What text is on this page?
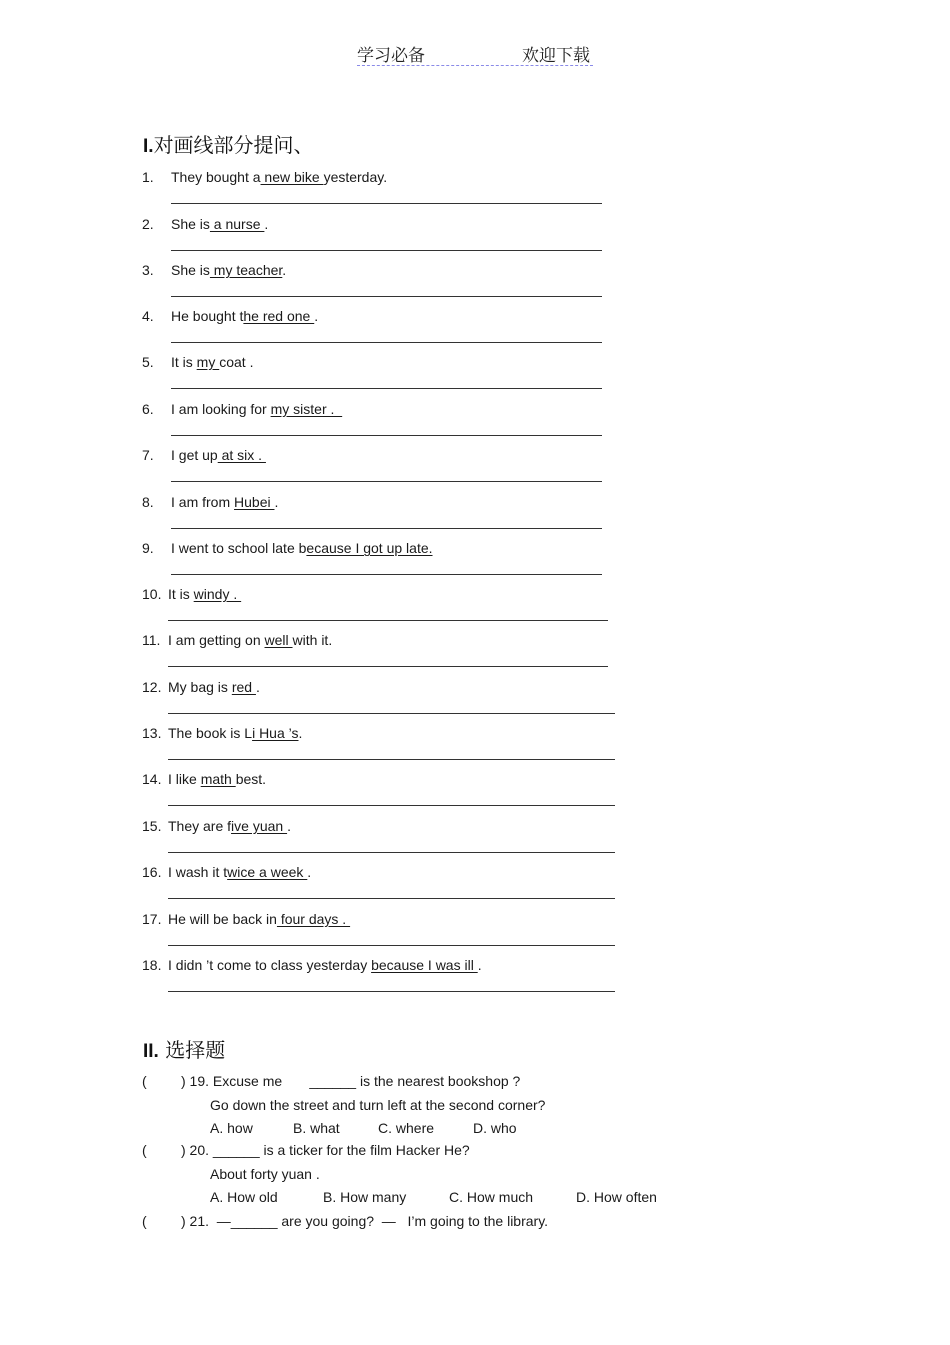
学习必备	欢迎下载
I.对画线部分提问、
1. They bought a new bike yesterday.
2. She is a nurse .
3. She is my teacher.
4. He bought the red one .
5. It is my coat .
6. I am looking for my sister .
7. I get up at six .
8. I am from Hubei .
9. I went to school late because I got up late.
10. It is windy .
11. I am getting on well with it.
12. My bag is red .
13. The book is Li Hua ’s.
14. I like math best.
15. They are five yuan .
16. I wash it twice a week .
17. He will be back in four days .
18. I didn ’t come to class yesterday because I was ill .
II. 选择题
( ) 19. Excuse me       ______ is the nearest bookshop ?
Go down the street and turn left at the second corner?
A. how	B. what	C. where	D. who
( ) 20. ______ is a ticker for the film Hacker He?
About forty yuan .
A. How old	B. How many	C. How much	D. How often
( ) 21.  —______ are you going?  —   I’m going to the library.
